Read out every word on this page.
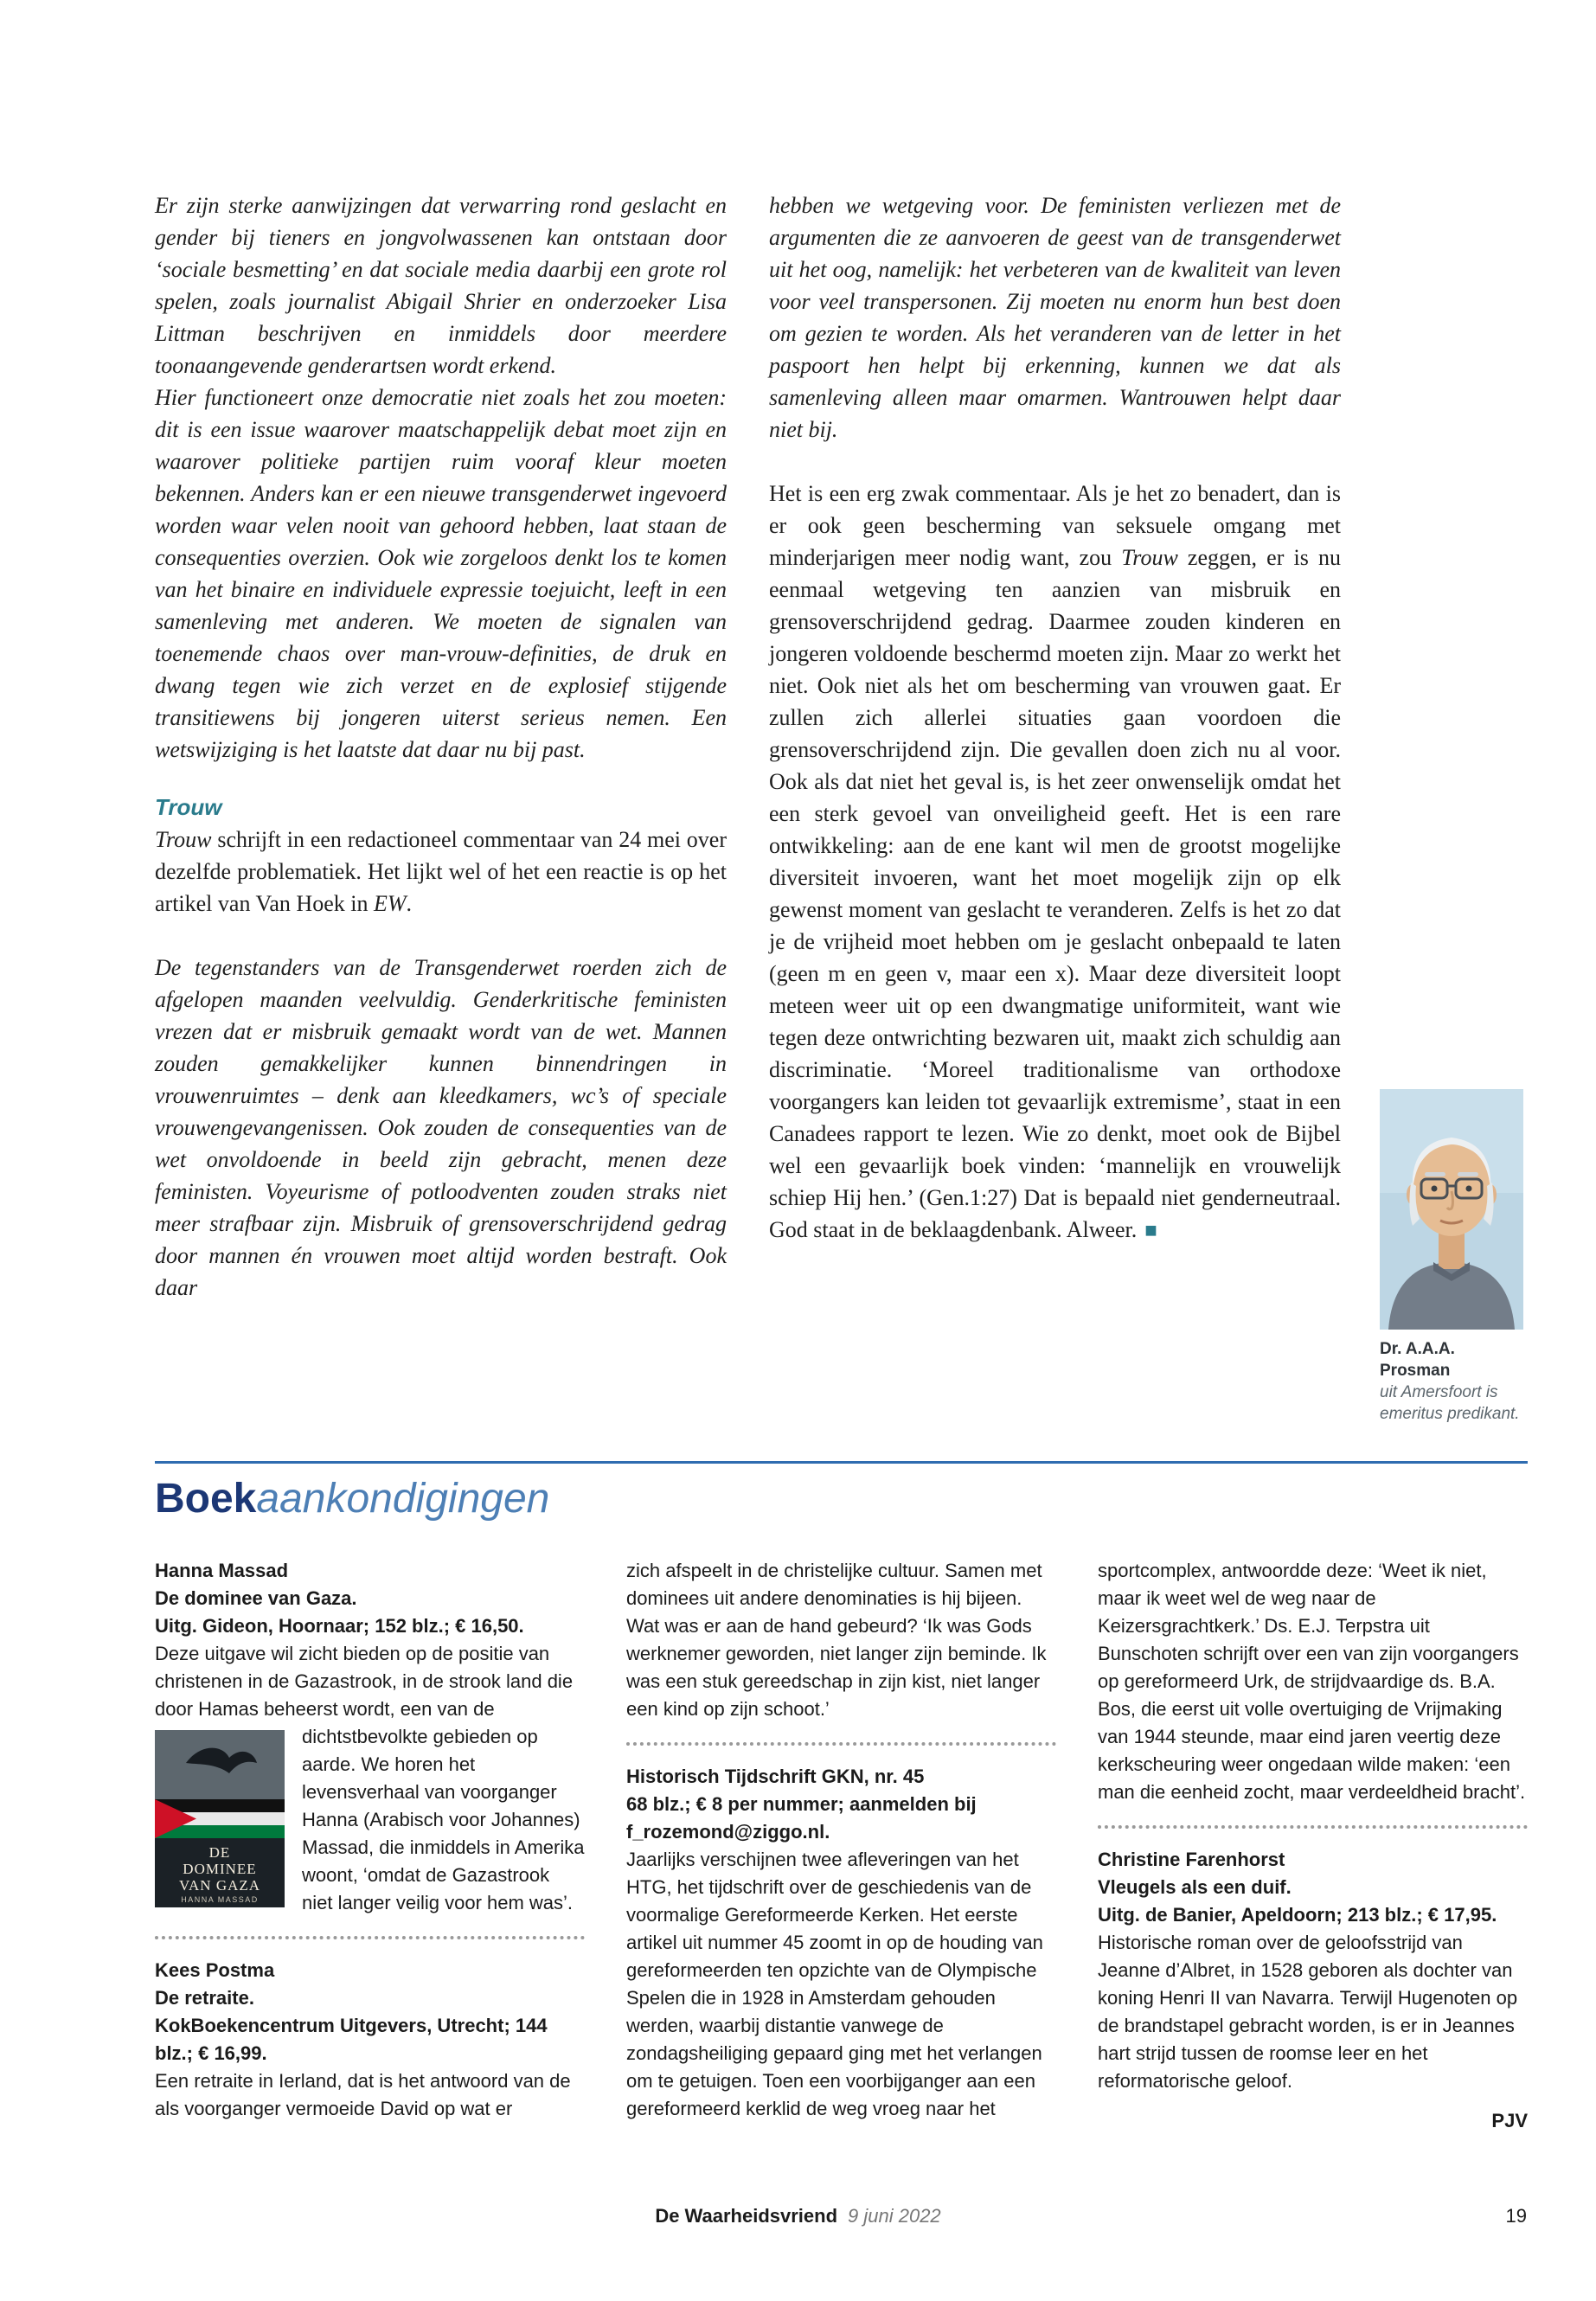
Er zijn sterke aanwijzingen dat verwarring rond geslacht en gender bij tieners en jongvolwassenen kan ontstaan door ‘sociale besmetting’ en dat sociale media daarbij een grote rol spelen, zoals journalist Abigail Shrier en onderzoeker Lisa Littman beschrijven en inmiddels door meerdere toonaangevende genderartsen wordt erkend.

Hier functioneert onze democratie niet zoals het zou moeten: dit is een issue waarover maatschappelijk debat moet zijn en waarover politieke partijen ruim vooraf kleur moeten bekennen. Anders kan er een nieuwe transgenderwet ingevoerd worden waar velen nooit van gehoord hebben, laat staan de consequenties overzien. Ook wie zorgeloos denkt los te komen van het binaire en individuele expressie toejuicht, leeft in een samenleving met anderen. We moeten de signalen van toenemende chaos over man-vrouw-definities, de druk en dwang tegen wie zich verzet en de explosief stijgende transitiewens bij jongeren uiterst serieus nemen. Een wetswijziging is het laatste dat daar nu bij past.

Trouw

Trouw schrijft in een redactioneel commentaar van 24 mei over dezelfde problematiek. Het lijkt wel of het een reactie is op het artikel van Van Hoek in EW.

De tegenstanders van de Transgenderwet roerden zich de afgelopen maanden veelvuldig. Genderkritische feministen vrezen dat er misbruik gemaakt wordt van de wet. Mannen zouden gemakkelijker kunnen binnendringen in vrouwenruimtes – denk aan kleedkamers, wc’s of speciale vrouwengevangenissen. Ook zouden de consequenties van de wet onvoldoende in beeld zijn gebracht, menen deze feministen. Voyeurisme of potloodventen zouden straks niet meer strafbaar zijn. Misbruik of grensoverschrijdend gedrag door mannen én vrouwen moet altijd worden bestraft. Ook daar

hebben we wetgeving voor. De feministen verliezen met de argumenten die ze aanvoeren de geest van de transgenderwet uit het oog, namelijk: het verbeteren van de kwaliteit van leven voor veel transpersonen. Zij moeten nu enorm hun best doen om gezien te worden. Als het veranderen van de letter in het paspoort hen helpt bij erkenning, kunnen we dat als samenleving alleen maar omarmen. Wantrouwen helpt daar niet bij.

Het is een erg zwak commentaar. Als je het zo benadert, dan is er ook geen bescherming van seksuele omgang met minderjarigen meer nodig want, zou Trouw zeggen, er is nu eenmaal wetgeving ten aanzien van misbruik en grensoverschrijdend gedrag. Daarmee zouden kinderen en jongeren voldoende beschermd moeten zijn. Maar zo werkt het niet. Ook niet als het om bescherming van vrouwen gaat. Er zullen zich allerlei situaties gaan voordoen die grensoverschrijdend zijn. Die gevallen doen zich nu al voor. Ook als dat niet het geval is, is het zeer onwenselijk omdat het een sterk gevoel van onveiligheid geeft. Het is een rare ontwikkeling: aan de ene kant wil men de grootst mogelijke diversiteit invoeren, want het moet mogelijk zijn op elk gewenst moment van geslacht te veranderen. Zelfs is het zo dat je de vrijheid moet hebben om je geslacht onbepaald te laten (geen m en geen v, maar een x). Maar deze diversiteit loopt meteen weer uit op een dwangmatige uniformiteit, want wie tegen deze ontwrichting bezwaren uit, maakt zich schuldig aan discriminatie. ‘Moreel traditionalisme van orthodoxe voorgangers kan leiden tot gevaarlijk extremisme’, staat in een Canadees rapport te lezen. Wie zo denkt, moet ook de Bijbel wel een gevaarlijk boek vinden: ‘mannelijk en vrouwelijk schiep Hij hen.’ (Gen.1:27) Dat is bepaald niet genderneutraal. God staat in de beklaagdenbank. Alweer. ■

Dr. A.A.A. Prosman
uit Amersfoort is emeritus predikant.
Boekaankondigingen

Hanna Massad

De dominee van Gaza.

Uitg. Gideon, Hoornaar; 152 blz.; € 16,50.

Deze uitgave wil zicht bieden op de positie van christenen in de Gazastrook, in de strook land die door Hamas beheerst wordt, een van de

DE
DOMINEE
VAN GAZA
HANNA MASSAD
dichtstbevolkte gebieden op aarde. We horen het levensverhaal van voorganger Hanna (Arabisch voor Johannes) Massad, die inmiddels in Amerika woont, ‘omdat de Gazastrook niet langer veilig voor hem was’.

Kees Postma

De retraite.

KokBoekencentrum Uitgevers, Utrecht; 144 blz.; € 16,99.

Een retraite in Ierland, dat is het antwoord van de als voorganger vermoeide David op wat er

zich afspeelt in de christelijke cultuur. Samen met dominees uit andere denominaties is hij bijeen. Wat was er aan de hand gebeurd? ‘Ik was Gods werknemer geworden, niet langer zijn beminde. Ik was een stuk gereedschap in zijn kist, niet langer een kind op zijn schoot.’

Historisch Tijdschrift GKN, nr. 45

68 blz.; € 8 per nummer; aanmelden bij f_rozemond@ziggo.nl.

Jaarlijks verschijnen twee afleveringen van het HTG, het tijdschrift over de geschiedenis van de voormalige Gereformeerde Kerken. Het eerste artikel uit nummer 45 zoomt in op de houding van gereformeerden ten opzichte van de Olympische Spelen die in 1928 in Amsterdam gehouden werden, waarbij distantie vanwege de zondagsheiliging gepaard ging met het verlangen om te getuigen. Toen een voorbijganger aan een gereformeerd kerklid de weg vroeg naar het

sportcomplex, antwoordde deze: ‘Weet ik niet, maar ik weet wel de weg naar de Keizersgrachtkerk.’ Ds. E.J. Terpstra uit Bunschoten schrijft over een van zijn voorgangers op gereformeerd Urk, de strijdvaardige ds. B.A. Bos, die eerst uit volle overtuiging de Vrijmaking van 1944 steunde, maar eind jaren veertig deze kerkscheuring weer ongedaan wilde maken: ‘een man die eenheid zocht, maar verdeeldheid bracht’.

Christine Farenhorst

Vleugels als een duif.

Uitg. de Banier, Apeldoorn; 213 blz.; € 17,95.

Historische roman over de geloofsstrijd van Jeanne d’Albret, in 1528 geboren als dochter van koning Henri II van Navarra. Terwijl Hugenoten op de brandstapel gebracht worden, is er in Jeannes hart strijd tussen de roomse leer en het reformatorische geloof.

PJV

De Waarheidsvriend 9 juni 2022	19
